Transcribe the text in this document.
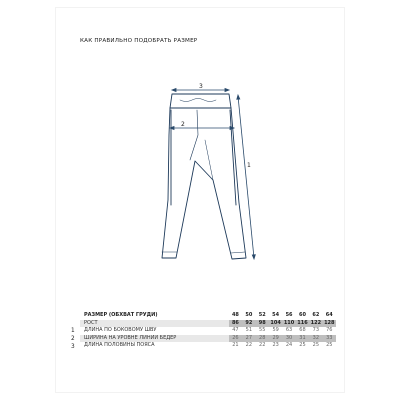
КАК ПРАВИЛЬНО ПОДОБРАТЬ РАЗМЕР
3
2
1
РАЗМЕР (ОБХВАТ ГРУДИ)	48	50	52	54	56	60	62	64
РОСТ	86	92	98	104	110	116	122	128
ДЛИНА ПО БОКОВОМУ ШВУ	47	51	55	59	63	68	73	76
ШИРИНА НА УРОВНЕ ЛИНИИ БЕДЕР	26	27	28	29	30	31	32	33
ДЛИНА ПОЛОВИНЫ ПОЯСА	21	22	22	23	24	25	25	25
1
2
3
